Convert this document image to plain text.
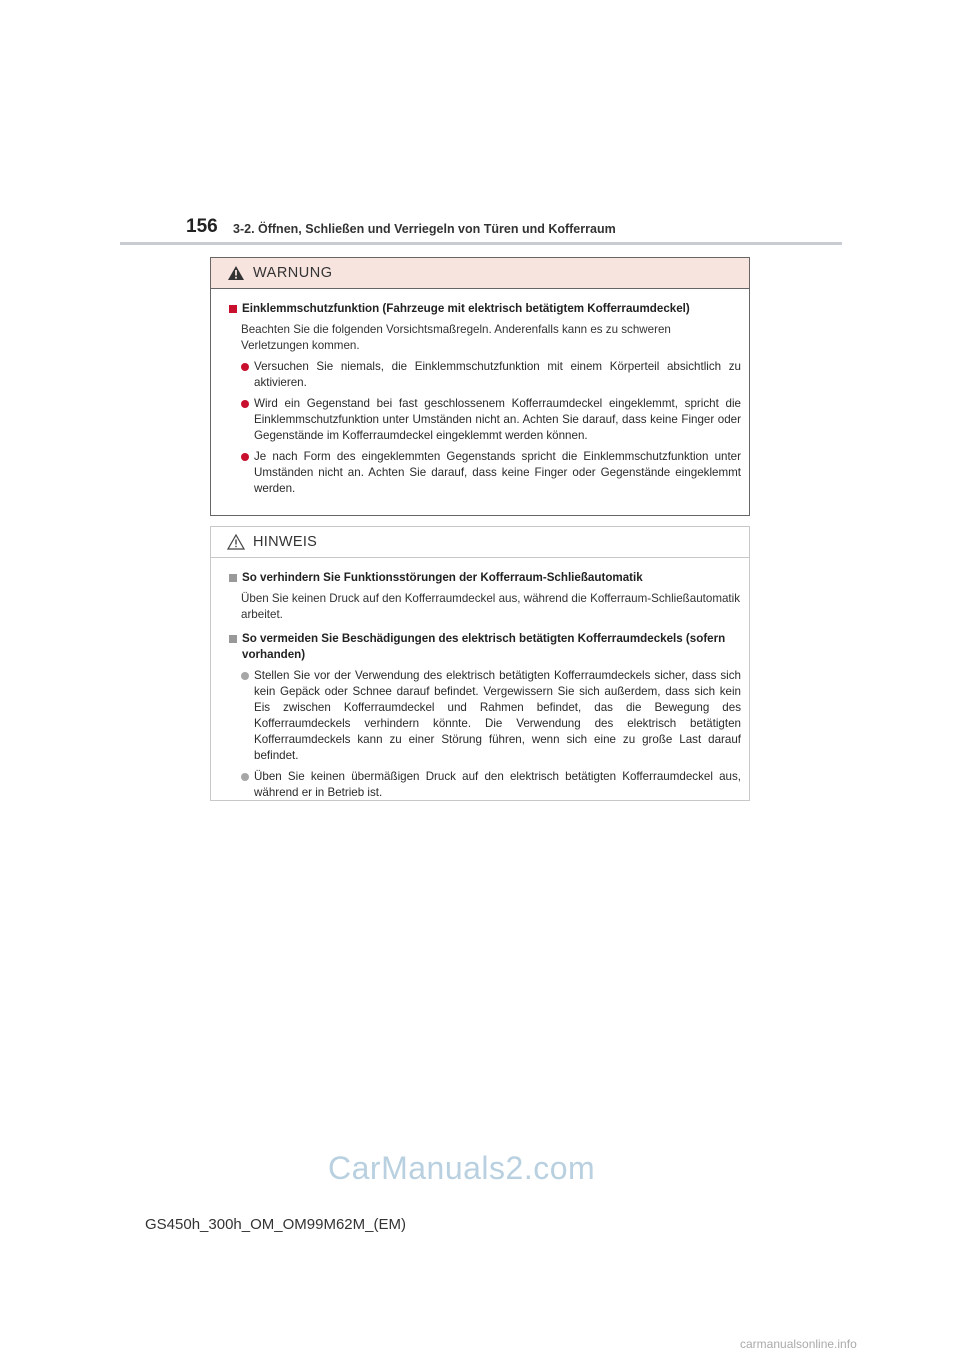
156 3-2. Öffnen, Schließen und Verriegeln von Türen und Kofferraum
WARNUNG
Einklemmschutzfunktion (Fahrzeuge mit elektrisch betätigtem Kofferraumdeckel)
Beachten Sie die folgenden Vorsichtsmaßregeln. Anderenfalls kann es zu schweren Verletzungen kommen.
Versuchen Sie niemals, die Einklemmschutzfunktion mit einem Körperteil absichtlich zu aktivieren.
Wird ein Gegenstand bei fast geschlossenem Kofferraumdeckel eingeklemmt, spricht die Einklemmschutzfunktion unter Umständen nicht an. Achten Sie darauf, dass keine Finger oder Gegenstände im Kofferraumdeckel eingeklemmt werden können.
Je nach Form des eingeklemmten Gegenstands spricht die Einklemmschutzfunktion unter Umständen nicht an. Achten Sie darauf, dass keine Finger oder Gegenstände eingeklemmt werden.
HINWEIS
So verhindern Sie Funktionsstörungen der Kofferraum-Schließautomatik
Üben Sie keinen Druck auf den Kofferraumdeckel aus, während die Kofferraum-Schließautomatik arbeitet.
So vermeiden Sie Beschädigungen des elektrisch betätigten Kofferraumdeckels (sofern vorhanden)
Stellen Sie vor der Verwendung des elektrisch betätigten Kofferraumdeckels sicher, dass sich kein Gepäck oder Schnee darauf befindet. Vergewissern Sie sich außerdem, dass sich kein Eis zwischen Kofferraumdeckel und Rahmen befindet, das die Bewegung des Kofferraumdeckels verhindern könnte. Die Verwendung des elektrisch betätigten Kofferraumdeckels kann zu einer Störung führen, wenn sich eine zu große Last darauf befindet.
Üben Sie keinen übermäßigen Druck auf den elektrisch betätigten Kofferraumdeckel aus, während er in Betrieb ist.
CarManuals2.com
GS450h_300h_OM_OM99M62M_(EM)
carmanualsonline.info
